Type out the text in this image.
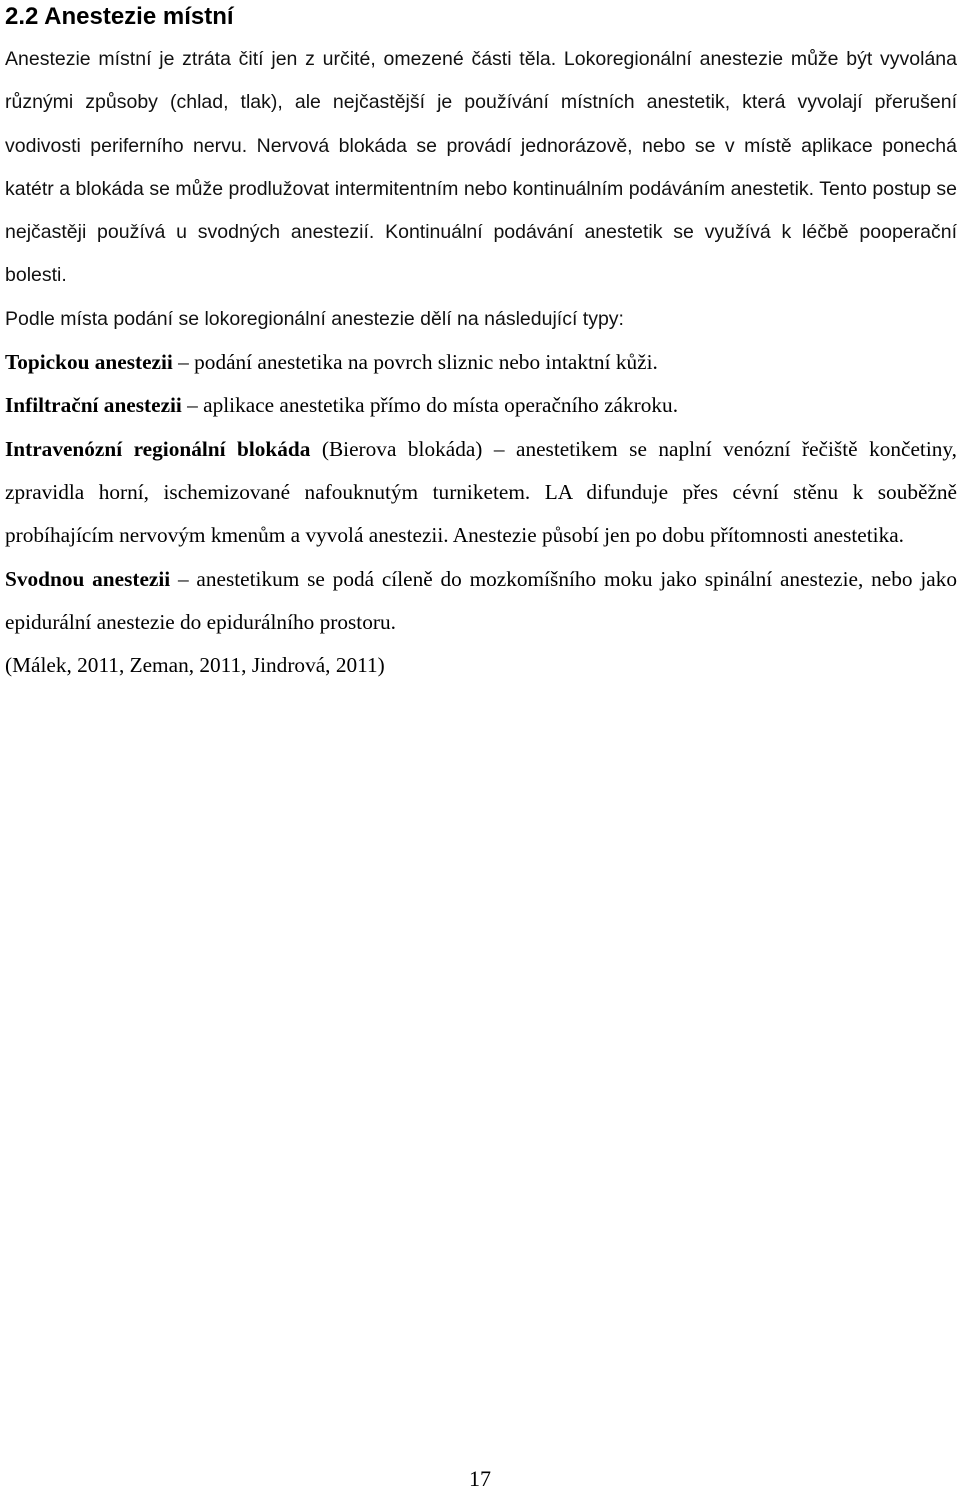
2.2 Anestezie místní

Anestezie místní je ztráta čití jen z určité, omezené části těla. Lokoregionální anestezie může být vyvolána různými způsoby (chlad, tlak), ale nejčastější je používání místních anestetik, která vyvolají přerušení vodivosti periferního nervu. Nervová blokáda se provádí jednorázově, nebo se v místě aplikace ponechá katétr a blokáda se může prodlužovat intermitentním nebo kontinuálním podáváním anestetik. Tento postup se nejčastěji používá u svodných anestezií. Kontinuální podávání anestetik se využívá k léčbě pooperační bolesti.

Podle místa podání se lokoregionální anestezie dělí na následující typy:

Topickou anestezii – podání anestetika na povrch sliznic nebo intaktní kůži.

Infiltrační anestezii – aplikace anestetika přímo do místa operačního zákroku.

Intravenózní regionální blokáda (Bierova blokáda) – anestetikem se naplní venózní řečiště končetiny, zpravidla horní, ischemizované nafouknutým turniketem. LA difunduje přes cévní stěnu k souběžně probíhajícím nervovým kmenům a vyvolá anestezii. Anestezie působí jen po dobu přítomnosti anestetika.

Svodnou anestezii – anestetikum se podá cíleně do mozkomíšního moku jako spinální anestezie, nebo jako epidurální anestezie do epidurálního prostoru.

(Málek, 2011, Zeman, 2011, Jindrová, 2011)

17
